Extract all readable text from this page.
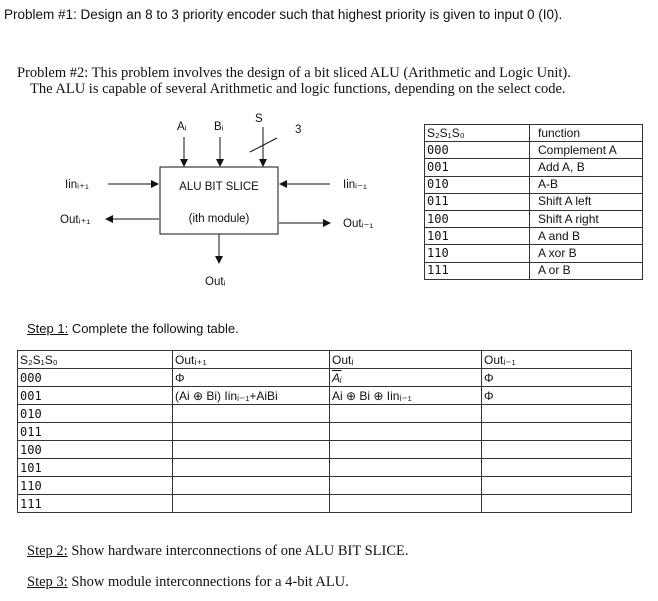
Problem #1: Design an 8 to 3 priority encoder such that highest priority is given to input 0 (I0).
Problem #2: This problem involves the design of a bit sliced ALU (Arithmetic and Logic Unit).
The ALU is capable of several Arithmetic and logic functions, depending on the select code.
ALU BIT SLICE
(ith module)
Aᵢ Bᵢ
S
3
Iinᵢ₊₁	Iinᵢ₋₁
Outᵢ₊₁	Outᵢ₋₁
Outᵢ
S₂S₁S₀	function
000	Complement A
001	Add A, B
010	A-B
011	Shift A left
100	Shift A right
101	A and B
110	A xor B
111	A or B
Step 1: Complete the following table.
S₂S₁S₀	Outᵢ₊₁	Outᵢ	Outᵢ₋₁
000	Φ	$\overline{Aᵢ}$	Φ
001	(Ai ⊕ Bi) Iinᵢ₋₁+AiBi	Ai ⊕ Bi ⊕ Iinᵢ₋₁	Φ
010			
011			
100			
101			
110			
111			
Step 2: Show hardware interconnections of one ALU BIT SLICE.
Step 3: Show module interconnections for a 4-bit ALU.
